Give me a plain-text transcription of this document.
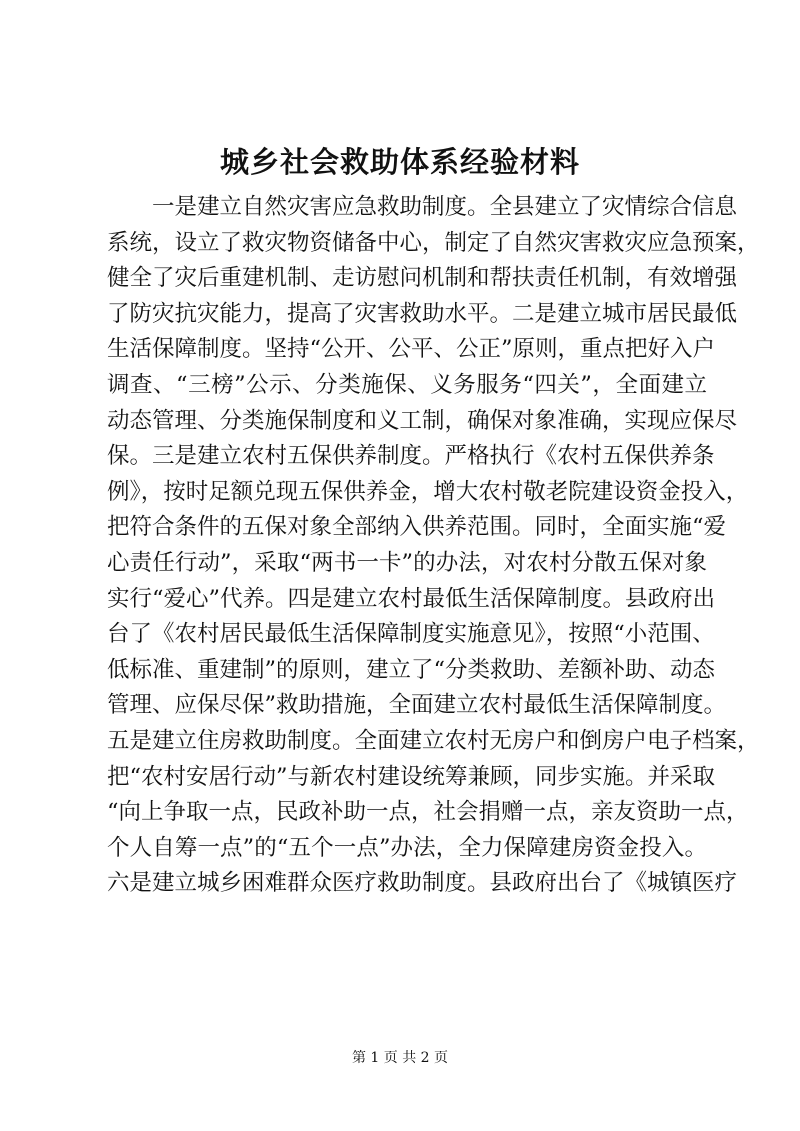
城乡社会救助体系经验材料
一是建立自然灾害应急救助制度。全县建立了灾情综合信息
系统，设立了救灾物资储备中心，制定了自然灾害救灾应急预案，
健全了灾后重建机制、走访慰问机制和帮扶责任机制，有效增强
了防灾抗灾能力，提高了灾害救助水平。二是建立城市居民最低
生活保障制度。坚持“公开、公平、公正”原则，重点把好入户
调查、“三榜”公示、分类施保、义务服务“四关”，全面建立
动态管理、分类施保制度和义工制，确保对象准确，实现应保尽
保。三是建立农村五保供养制度。严格执行《农村五保供养条
例》，按时足额兑现五保供养金，增大农村敬老院建设资金投入，
把符合条件的五保对象全部纳入供养范围。同时，全面实施“爱
心责任行动”，采取“两书一卡”的办法，对农村分散五保对象
实行“爱心”代养。四是建立农村最低生活保障制度。县政府出
台了《农村居民最低生活保障制度实施意见》，按照“小范围、
低标准、重建制”的原则，建立了“分类救助、差额补助、动态
管理、应保尽保”救助措施，全面建立农村最低生活保障制度。
五是建立住房救助制度。全面建立农村无房户和倒房户电子档案，
把“农村安居行动”与新农村建设统筹兼顾，同步实施。并采取
“向上争取一点，民政补助一点，社会捐赠一点，亲友资助一点，
个人自筹一点”的“五个一点”办法，全力保障建房资金投入。
六是建立城乡困难群众医疗救助制度。县政府出台了《城镇医疗
第 1 页 共 2 页
